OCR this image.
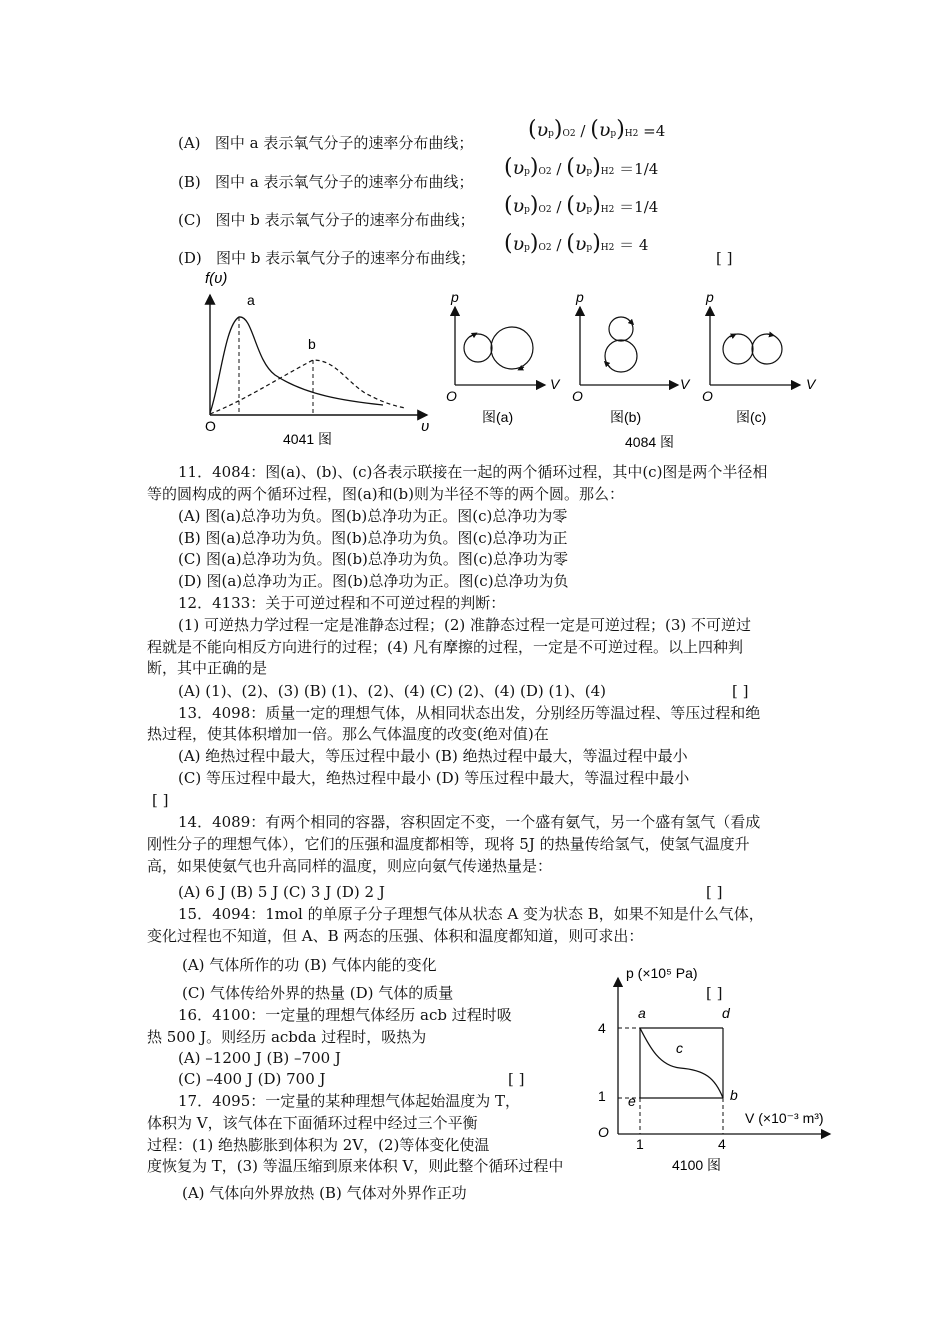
(A) 图中 a 表示氧气分子的速率分布曲线；
(B) 图中 a 表示氧气分子的速率分布曲线；
(C) 图中 b 表示氧气分子的速率分布曲线；
(D) 图中 b 表示氧气分子的速率分布曲线；
(υp)O2 / (υp)H2 =4
(υp)O2 / (υp)H2 ＝1/4
(υp)O2 / (υp)H2 ＝1/4
(υp)O2 / (υp)H2 ＝ 4
[ ]
f(υ)
υ
O
a
b
4041 图
p
V
O
图(a)
p
V
O
图(b)
p
V
O
图(c)
4084 图
11．4084：图(a)、(b)、(c)各表示联接在一起的两个循环过程，其中(c)图是两个半径相
等的圆构成的两个循环过程，图(a)和(b)则为半径不等的两个圆。那么：
(A) 图(a)总净功为负。图(b)总净功为正。图(c)总净功为零
(B) 图(a)总净功为负。图(b)总净功为负。图(c)总净功为正
(C) 图(a)总净功为负。图(b)总净功为负。图(c)总净功为零
(D) 图(a)总净功为正。图(b)总净功为正。图(c)总净功为负
12．4133：关于可逆过程和不可逆过程的判断：
(1) 可逆热力学过程一定是准静态过程；(2) 准静态过程一定是可逆过程；(3) 不可逆过
程就是不能向相反方向进行的过程；(4) 凡有摩擦的过程，一定是不可逆过程。以上四种判
断，其中正确的是
(A) (1)、(2)、(3) (B) (1)、(2)、(4) (C) (2)、(4) (D) (1)、(4)	[ ]
13．4098：质量一定的理想气体，从相同状态出发，分别经历等温过程、等压过程和绝
热过程，使其体积增加一倍。那么气体温度的改变(绝对值)在
(A) 绝热过程中最大，等压过程中最小 (B) 绝热过程中最大，等温过程中最小
(C) 等压过程中最大，绝热过程中最小 (D) 等压过程中最大，等温过程中最小
[ ]
14．4089：有两个相同的容器，容积固定不变，一个盛有氨气，另一个盛有氢气（看成
刚性分子的理想气体），它们的压强和温度都相等，现将 5J 的热量传给氢气，使氢气温度升
高，如果使氨气也升高同样的温度，则应向氨气传递热量是：
(A) 6 J (B) 5 J (C) 3 J (D) 2 J	[ ]
15．4094：1mol 的单原子分子理想气体从状态 A 变为状态 B，如果不知是什么气体，
变化过程也不知道，但 A、B 两态的压强、体积和温度都知道，则可求出：
(A) 气体所作的功 (B) 气体内能的变化
(C) 气体传给外界的热量 (D) 气体的质量	[ ]
16．4100：一定量的理想气体经历 acb 过程时吸
热 500 J。则经历 acbda 过程时，吸热为
(A) –1200 J (B) –700 J
(C) –400 J (D) 700 J	[ ]
17．4095：一定量的某种理想气体起始温度为 T，
体积为 V，该气体在下面循环过程中经过三个平衡
过程：(1) 绝热膨胀到体积为 2V，(2)等体变化使温
度恢复为 T，(3) 等温压缩到原来体积 V，则此整个循环过程中
(A) 气体向外界放热 (B) 气体对外界作正功
p (×10⁵ Pa)
V (×10⁻³ m³)
O
4
1
1	4
a	d
c
b
e
4100 图
